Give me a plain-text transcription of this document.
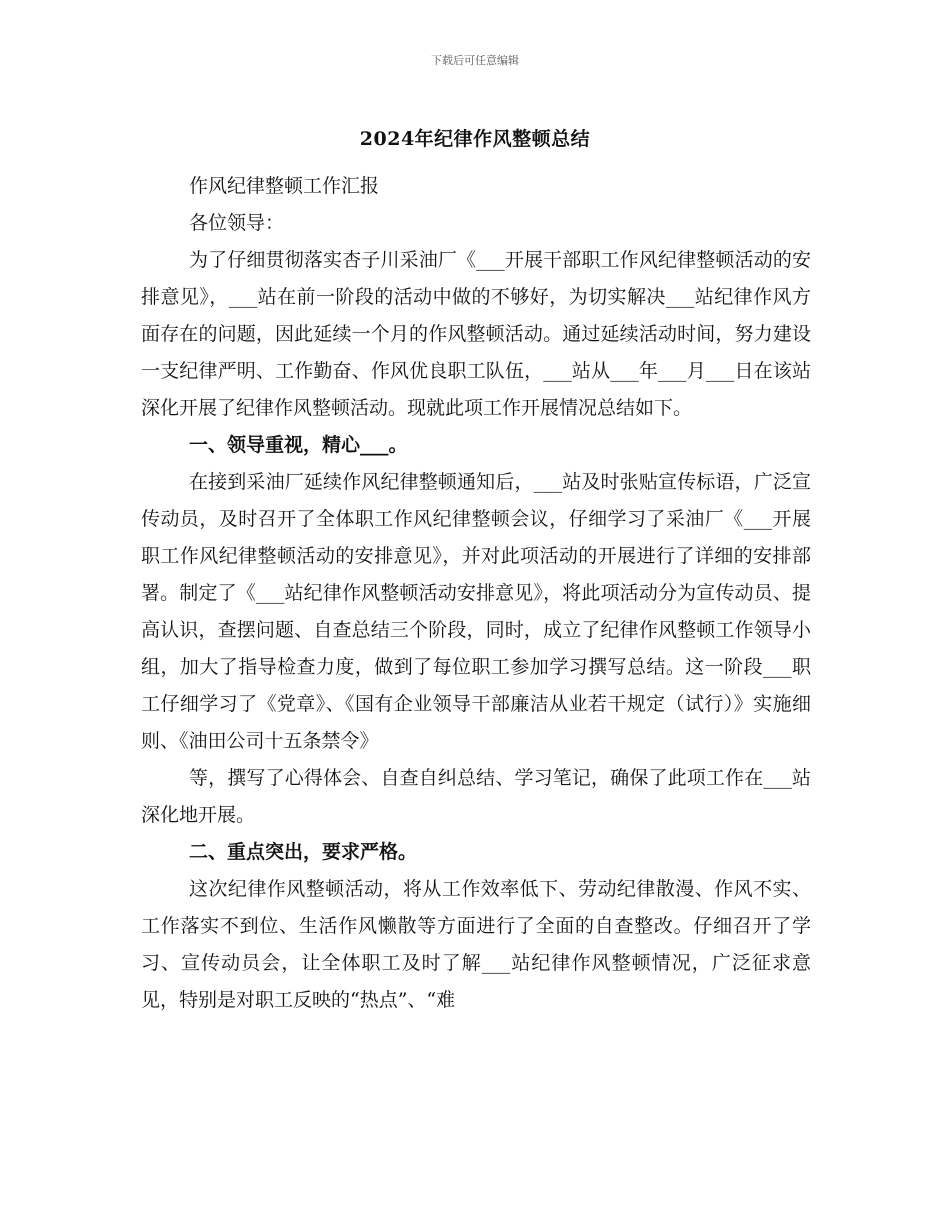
下载后可任意编辑
2024年纪律作风整顿总结

作风纪律整顿工作汇报

各位领导：

为了仔细贯彻落实杏子川采油厂《___开展干部职工作风纪律整顿活动的安排意见》，___站在前一阶段的活动中做的不够好，为切实解决___站纪律作风方面存在的问题，因此延续一个月的作风整顿活动。通过延续活动时间，努力建设一支纪律严明、工作勤奋、作风优良职工队伍，___站从___年___月___日在该站深化开展了纪律作风整顿活动。现就此项工作开展情况总结如下。

一、领导重视，精心___。

在接到采油厂延续作风纪律整顿通知后，___站及时张贴宣传标语，广泛宣传动员，及时召开了全体职工作风纪律整顿会议，仔细学习了采油厂《___开展职工作风纪律整顿活动的安排意见》，并对此项活动的开展进行了详细的安排部署。制定了《___站纪律作风整顿活动安排意见》，将此项活动分为宣传动员、提高认识，查摆问题、自查总结三个阶段，同时，成立了纪律作风整顿工作领导小组，加大了指导检查力度，做到了每位职工参加学习撰写总结。这一阶段___职工仔细学习了《党章》、《国有企业领导干部廉洁从业若干规定（试行）》实施细则、《油田公司十五条禁令》

等，撰写了心得体会、自查自纠总结、学习笔记，确保了此项工作在___站深化地开展。

二、重点突出，要求严格。

这次纪律作风整顿活动，将从工作效率低下、劳动纪律散漫、作风不实、工作落实不到位、生活作风懒散等方面进行了全面的自查整改。仔细召开了学习、宣传动员会，让全体职工及时了解___站纪律作风整顿情况，广泛征求意见，特别是对职工反映的“热点”、“难
